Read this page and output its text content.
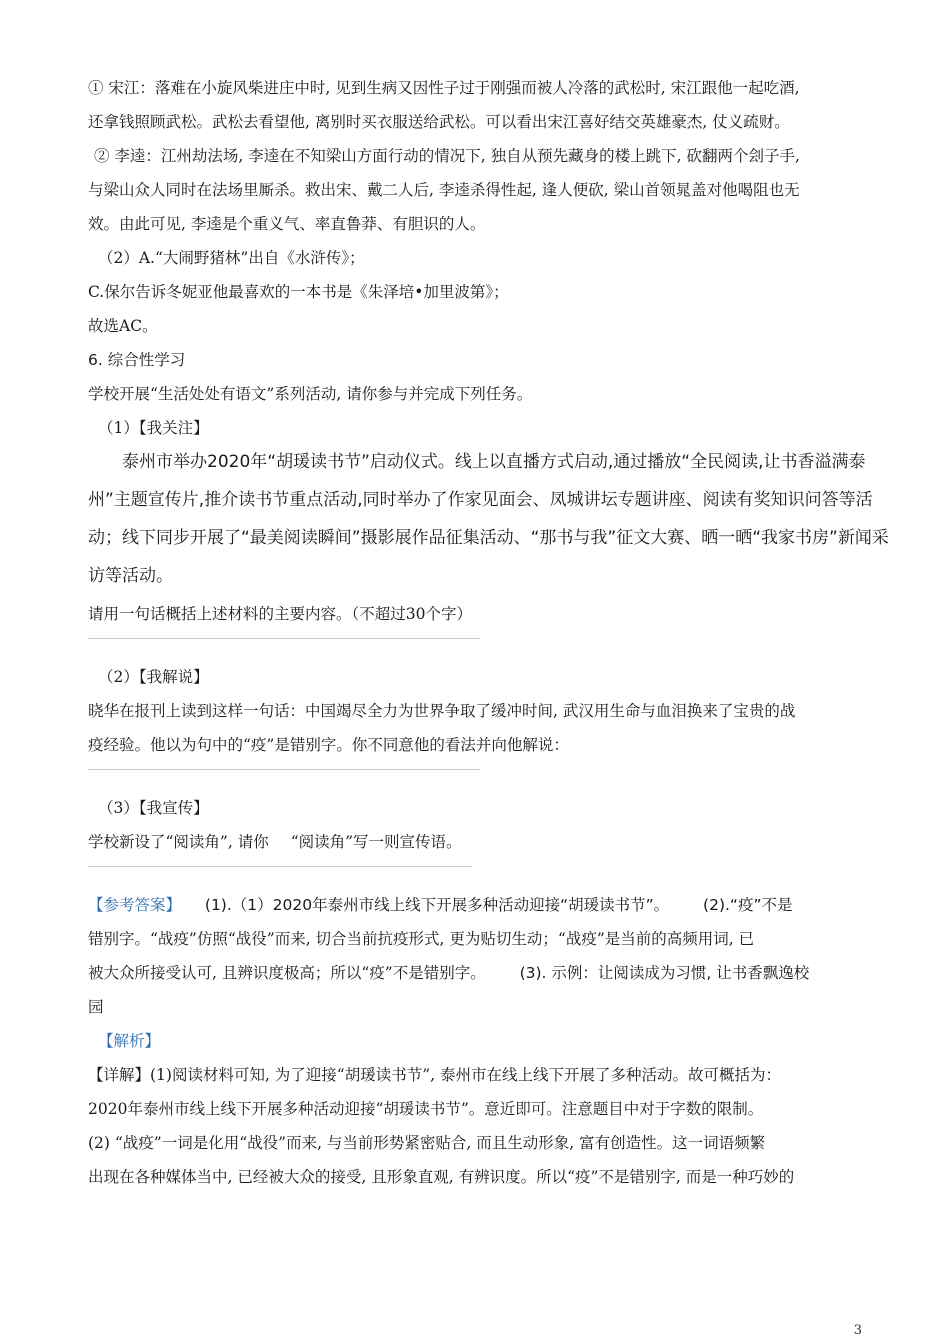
① 宋江：落难在小旋风柴进庄中时, 见到生病又因性子过于刚强而被人冷落的武松时, 宋江跟他一起吃酒,
还拿钱照顾武松。武松去看望他, 离别时买衣服送给武松。可以看出宋江喜好结交英雄豪杰, 仗义疏财。
② 李逵：江州劫法场, 李逵在不知梁山方面行动的情况下, 独自从预先藏身的楼上跳下, 砍翻两个刽子手,
与梁山众人同时在法场里厮杀。救出宋、戴二人后, 李逵杀得性起, 逢人便砍, 梁山首领晁盖对他喝阻也无
效。由此可见, 李逵是个重义气、率直鲁莽、有胆识的人。
（2）A.“大闹野猪林”出自《水浒传》；
C.保尔告诉冬妮亚他最喜欢的一本书是《朱泽培•加里波第》；
故选AC。
6. 综合性学习
学校开展“生活处处有语文”系列活动, 请你参与并完成下列任务。
（1）【我关注】
泰州市举办2020年“胡瑗读书节”启动仪式。线上以直播方式启动,通过播放“全民阅读,让书香溢满泰
州”主题宣传片,推介读书节重点活动,同时举办了作家见面会、凤城讲坛专题讲座、阅读有奖知识问答等活
动；线下同步开展了“最美阅读瞬间”摄影展作品征集活动、“那书与我”征文大赛、晒一晒“我家书房”新闻采
访等活动。
请用一句话概括上述材料的主要内容。（不超过30个字）
（2）【我解说】
晓华在报刊上读到这样一句话：中国竭尽全力为世界争取了缓冲时间, 武汉用生命与血泪换来了宝贵的战
疫经验。他以为句中的“疫”是错别字。你不同意他的看法并向他解说：
（3）【我宣传】
学校新设了“阅读角”, 请你 “阅读角”写一则宣传语。
【参考答案】 (1).（1）2020年泰州市线上线下开展多种活动迎接“胡瑗读书节”。 (2).“疫”不是
错别字。“战疫”仿照“战役”而来, 切合当前抗疫形式, 更为贴切生动；“战疫”是当前的高频用词, 已
被大众所接受认可, 且辨识度极高；所以“疫”不是错别字。 (3). 示例：让阅读成为习惯, 让书香飘逸校
园
【解析】
【详解】(1)阅读材料可知, 为了迎接“胡瑗读书节”, 泰州市在线上线下开展了多种活动。故可概括为：
2020年泰州市线上线下开展多种活动迎接“胡瑗读书节”。意近即可。注意题目中对于字数的限制。
(2) “战疫”一词是化用“战役”而来, 与当前形势紧密贴合, 而且生动形象, 富有创造性。这一词语频繁
出现在各种媒体当中, 已经被大众的接受, 且形象直观, 有辨识度。所以“疫”不是错别字, 而是一种巧妙的
3
